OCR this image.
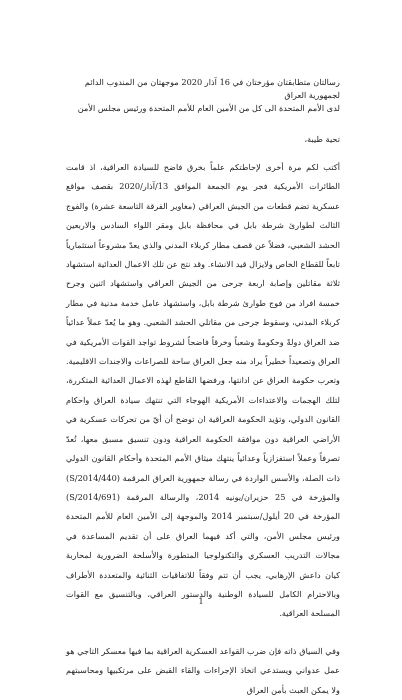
رسالتان متطابقتان مؤرختان في 16 آذار 2020 موجهتان من المندوب الدائم لجمهورية العراق

لدى الأمم المتحدة الى كل من الأمين العام للأمم المتحدة ورئيس مجلس الأمن

تحية طيبة،

أكتب لكم مرة أخرى لإحاطتكم علماً بخرق فاضح للسيادة العراقية، اذ قامت الطائرات الأمريكية فجر يوم الجمعة الموافق 13/آذار/2020 بقصف مواقع عسكرية تضم قطعات من الجيش العراقي (مغاوير الفرقة التاسعة عشرة) والفوج الثالث لطوارئ شرطة بابل في محافظة بابل ومقر اللواء السادس والاربعين الحشد الشعبي، فضلاً عن قصف مطار كربلاء المدني والذي يعدّ مشروعاً استثمارياً تابعاً للقطاع الخاص ولايزال قيد الانشاء. وقد نتج عن تلك الاعمال العدائية استشهاد ثلاثة مقاتلين وإصابة اربعة جرحى من الجيش العراقي واستشهاد اثنين وجرح خمسة افراد من فوج طوارئ شرطة بابل، واستشهاد عامل خدمة مدنية في مطار كربلاء المدني، وسقوط جرحى من مقاتلي الحشد الشعبي. وهو ما يُعدّ عملاً عدائياً ضد العراق دولةً وحكومةً وشعباً وخرقاً فاضحاً لشروط تواجد القوات الأمريكية في العراق وتصعيداً خطيراً يراد منه جعل العراق ساحة للصراعات والاجندات الاقليمية. وتعرب حكومة العراق عن ادانتها، ورفضها القاطع لهذه الاعمال العدائية المتكررة، لتلك الهجمات والاعتداءات الأمريكية الهوجاء التي تنتهك سيادة العراق واحكام القانون الدولي، وتؤيد الحكومة العراقية ان توضح أن أيّ من تحركات عسكرية في الأراضي العراقية دون موافقة الحكومة العراقية ودون تنسيق مسبق معها، تُعدّ تصرفاً وعملاً استفزازياً وعدائياً ينتهك ميثاق الأمم المتحدة وأحكام القانون الدولي ذات الصلة، والأسس الواردة في رسالة جمهورية العراق المرقمة (S/2014/440) والمؤرخة في 25 حزيران/يونيه 2014، والرسالة المرقمة (S/2014/691) المؤرخة في 20 أيلول/سبتمبر 2014 والموجهة إلى الأمين العام للأمم المتحدة ورئيس مجلس الأمن، والتي أكد فيهما العراق على أن تقديم المساعدة في مجالات التدريب العسكري والتكنولوجيا المتطورة والأسلحة الضرورية لمحاربة كيان داعش الإرهابي، يجب أن تتم وفقاً للاتفاقيات الثنائية والمتعددة الأطراف وبالاحترام الكامل للسيادة الوطنية والدستور العراقي، وبالتنسيق مع القوات المسلحة العراقية.

وفي السياق ذاته فإن ضرب القواعد العسكرية العراقية بما فيها معسكر التاجي هو عمل عدواني ويستدعي اتخاذ الإجراءات والقاء القبض على مرتكبيها ومحاسبتهم ولا يمكن العبث بأمن العراق

1
